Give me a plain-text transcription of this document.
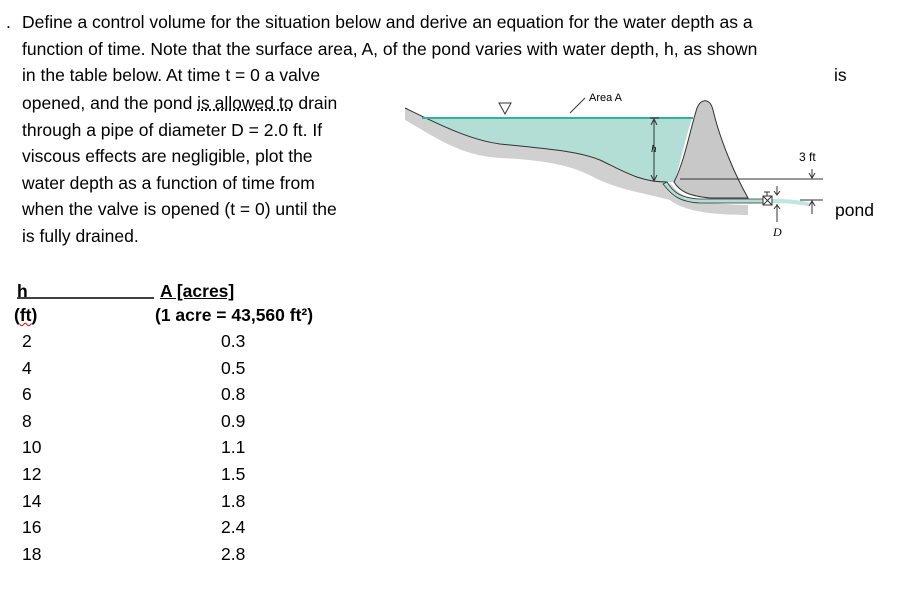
. Define a control volume for the situation below and derive an equation for the water depth as a
function of time. Note that the surface area, A, of the pond varies with water depth, h, as shown
in the table below. At time t = 0 a valve	is
opened, and the pond is allowed to drain
through a pipe of diameter D = 2.0 ft. If
viscous effects are negligible, plot the
water depth as a function of time from
when the valve is opened (t = 0) until the
is fully drained.
pond
Area A
h
3 ft
D
h	A [acres]
(ft)	(1 acre = 43,560 ft²)
2	0.3
4	0.5
6	0.8
8	0.9
10	1.1
12	1.5
14	1.8
16	2.4
18	2.8
